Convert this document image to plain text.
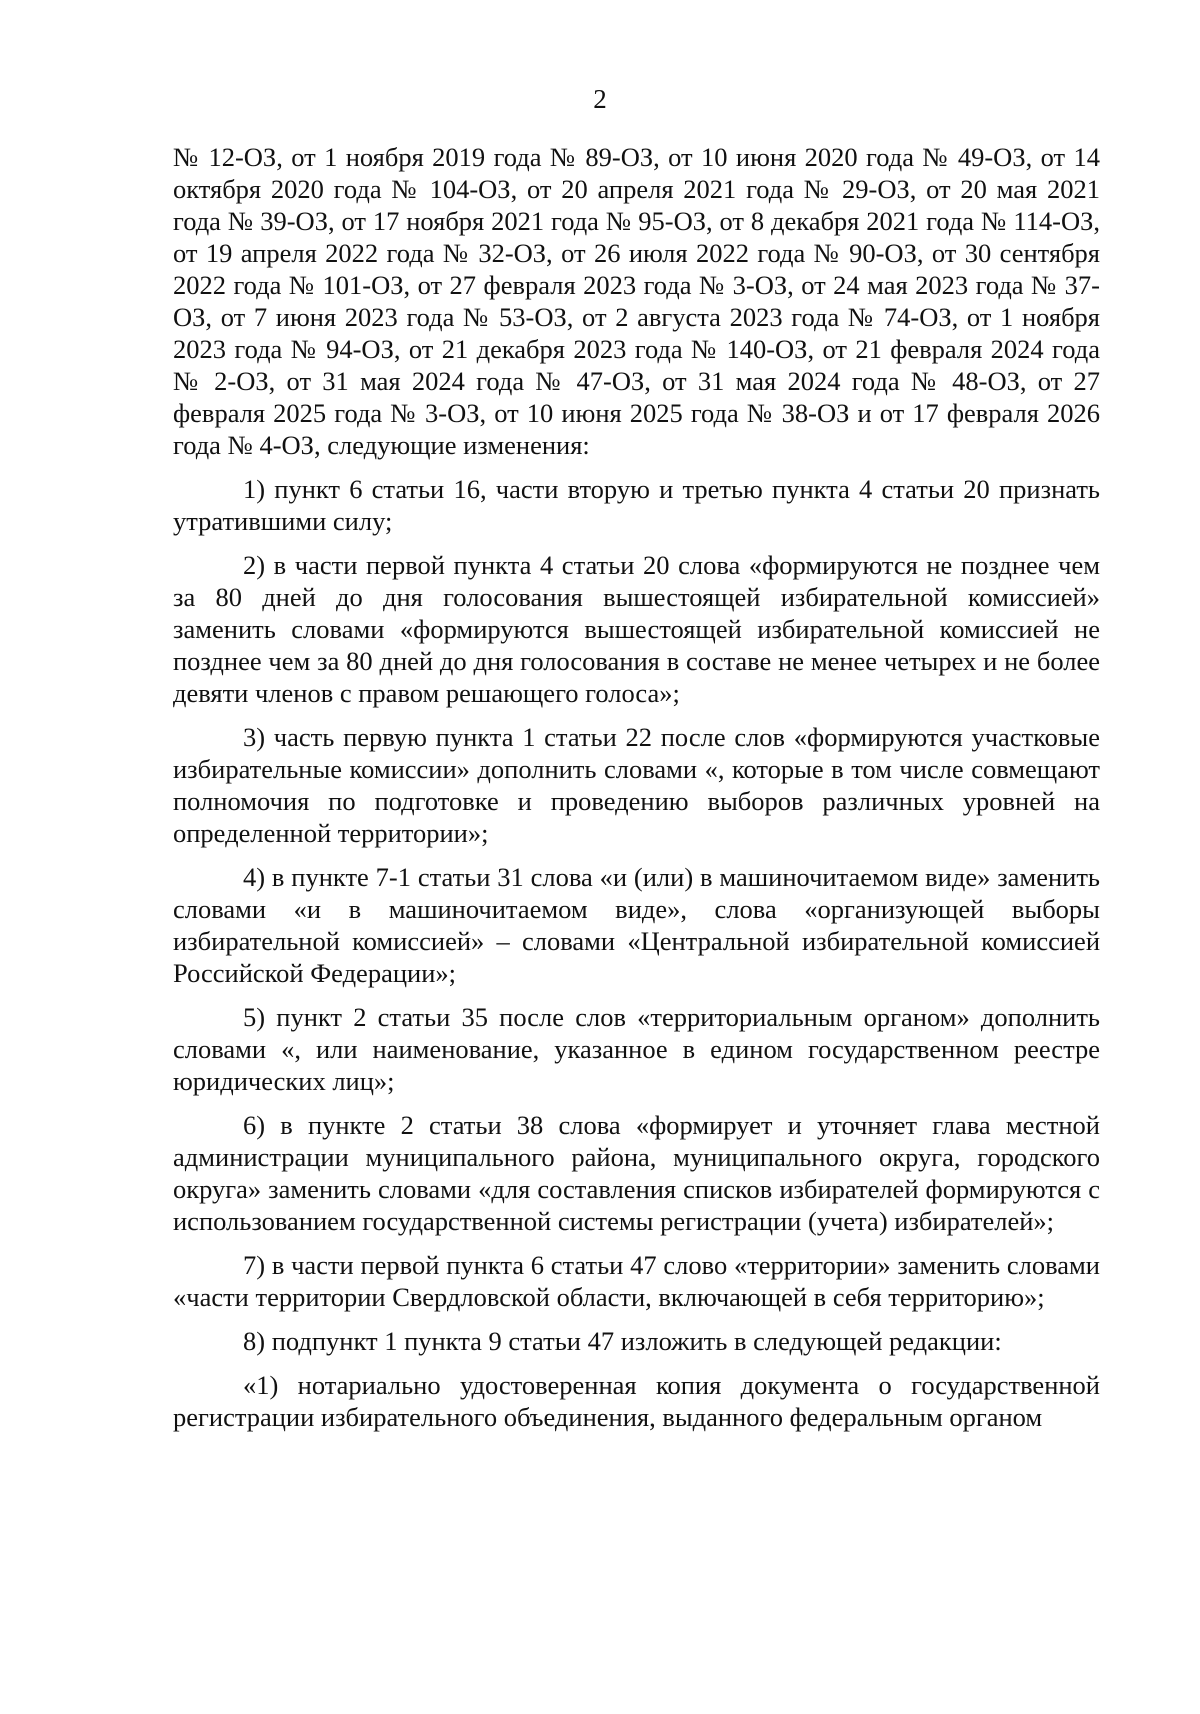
2

№ 12-ОЗ, от 1 ноября 2019 года № 89-ОЗ, от 10 июня 2020 года № 49-ОЗ, от 14 октября 2020 года № 104-ОЗ, от 20 апреля 2021 года № 29-ОЗ, от 20 мая 2021 года № 39-ОЗ, от 17 ноября 2021 года № 95-ОЗ, от 8 декабря 2021 года № 114-ОЗ, от 19 апреля 2022 года № 32-ОЗ, от 26 июля 2022 года № 90-ОЗ, от 30 сентября 2022 года № 101-ОЗ, от 27 февраля 2023 года № 3-ОЗ, от 24 мая 2023 года № 37-ОЗ, от 7 июня 2023 года № 53-ОЗ, от 2 августа 2023 года № 74-ОЗ, от 1 ноября 2023 года № 94-ОЗ, от 21 декабря 2023 года № 140-ОЗ, от 21 февраля 2024 года № 2-ОЗ, от 31 мая 2024 года № 47-ОЗ, от 31 мая 2024 года № 48-ОЗ, от 27 февраля 2025 года № 3-ОЗ, от 10 июня 2025 года № 38-ОЗ и от 17 февраля 2026 года № 4-ОЗ, следующие изменения:

1) пункт 6 статьи 16, части вторую и третью пункта 4 статьи 20 признать утратившими силу;

2) в части первой пункта 4 статьи 20 слова «формируются не позднее чем за 80 дней до дня голосования вышестоящей избирательной комиссией» заменить словами «формируются вышестоящей избирательной комиссией не позднее чем за 80 дней до дня голосования в составе не менее четырех и не более девяти членов с правом решающего голоса»;

3) часть первую пункта 1 статьи 22 после слов «формируются участковые избирательные комиссии» дополнить словами «, которые в том числе совмещают полномочия по подготовке и проведению выборов различных уровней на определенной территории»;

4) в пункте 7-1 статьи 31 слова «и (или) в машиночитаемом виде» заменить словами «и в машиночитаемом виде», слова «организующей выборы избирательной комиссией» – словами «Центральной избирательной комиссией Российской Федерации»;

5) пункт 2 статьи 35 после слов «территориальным органом» дополнить словами «, или наименование, указанное в едином государственном реестре юридических лиц»;

6) в пункте 2 статьи 38 слова «формирует и уточняет глава местной администрации муниципального района, муниципального округа, городского округа» заменить словами «для составления списков избирателей формируются с использованием государственной системы регистрации (учета) избирателей»;

7) в части первой пункта 6 статьи 47 слово «территории» заменить словами «части территории Свердловской области, включающей в себя территорию»;

8) подпункт 1 пункта 9 статьи 47 изложить в следующей редакции:

«1) нотариально удостоверенная копия документа о государственной регистрации избирательного объединения, выданного федеральным органом
